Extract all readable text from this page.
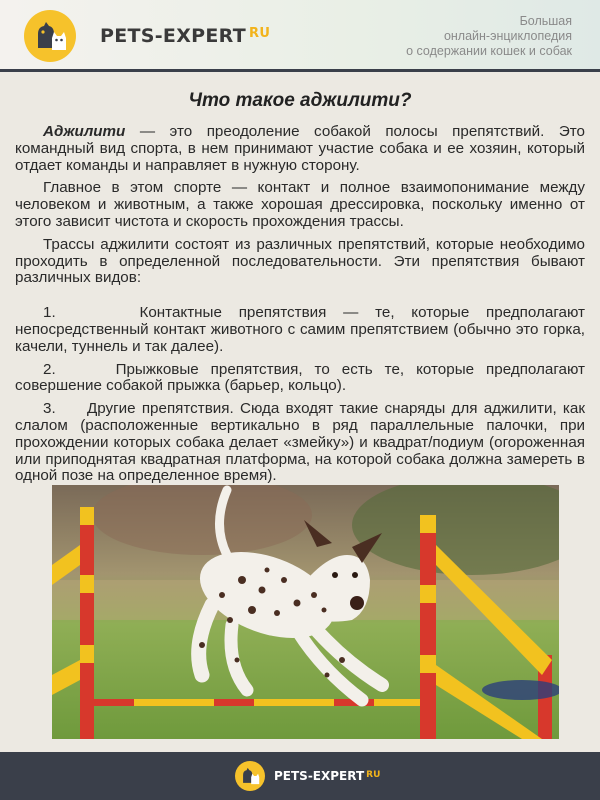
PETS-EXPERT $^{RU}$
Большая
онлайн-энциклопедия
о содержании кошек и собак
Что такое аджилити?

Аджилити — это преодоление собакой полосы препятствий. Это командный вид спорта, в нем принимают участие собака и ее хозяин, который отдает команды и направляет в нужную сторону.

Главное в этом спорте — контакт и полное взаимопонимание между человеком и животным, а также хорошая дрессировка, поскольку именно от этого зависит чистота и скорость прохождения трассы.

Трассы аджилити состоят из различных препятствий, которые необходимо проходить в определенной последовательности. Эти препятствия бывают различных видов:

1.     Контактные препятствия — те, которые предполагают непосредственный контакт животного с самим препятствием (обычно это горка, качели, туннель и так далее).

2.     Прыжковые препятствия, то есть те, которые предполагают совершение собакой прыжка (барьер, кольцо).

3.     Другие препятствия. Сюда входят такие снаряды для аджилити, как слалом (расположенные вертикально в ряд параллельные палочки, при прохождении которых собака делает «змейку») и квадрат/подиум (огороженная или приподнятая квадратная платформа, на которой собака должна замереть в одной позе на определенное время).

PETS-EXPERT $^{RU}$
